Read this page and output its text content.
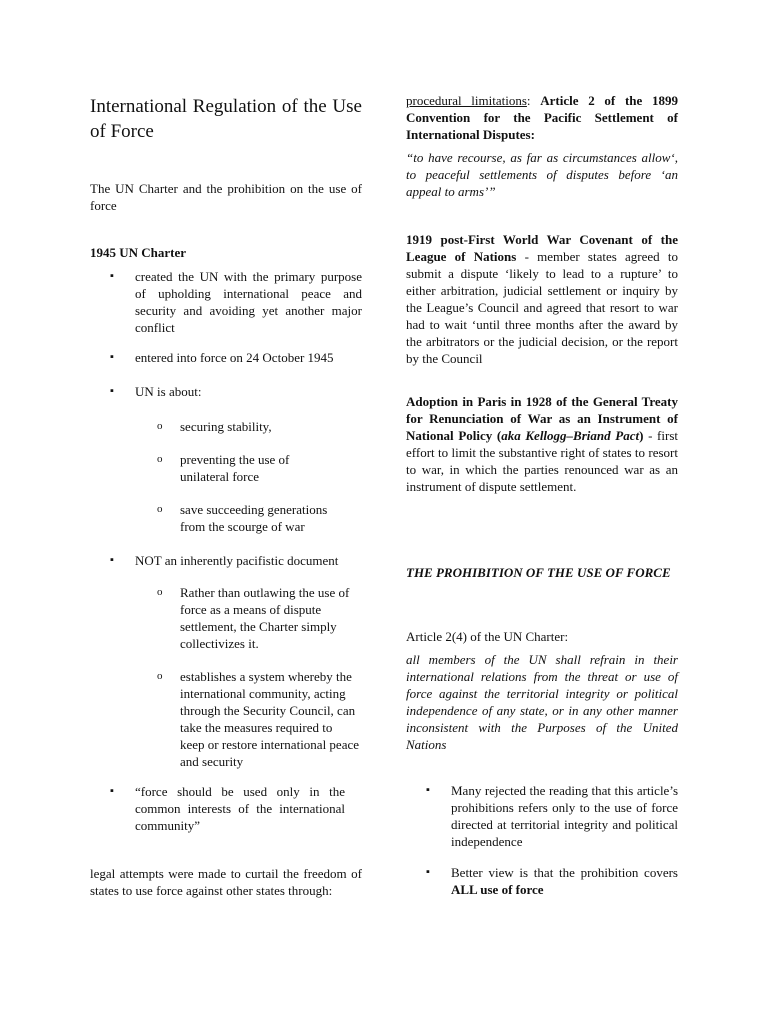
International Regulation of the Use of Force

The UN Charter and the prohibition on the use of force

1945 UN Charter

▪ created the UN with the primary purpose of upholding international peace and security and avoiding yet another major conflict
▪ entered into force on 24 October 1945
▪ UN is about:
o securing stability,
o preventing the use of unilateral force
o save succeeding generations from the scourge of war
▪ NOT an inherently pacifistic document
o Rather than outlawing the use of force as a means of dispute settlement, the Charter simply collectivizes it.
o establishes a system whereby the international community, acting through the Security Council, can take the measures required to keep or restore international peace and security
▪ “force should be used only in the common interests of the international community”

legal attempts were made to curtail the freedom of states to use force against other states through:

procedural limitations: Article 2 of the 1899 Convention for the Pacific Settlement of International Disputes:

“to have recourse, as far as circumstances allow‘, to peaceful settlements of disputes before ‘an appeal to arms’”

1919 post-First World War Covenant of the League of Nations - member states agreed to submit a dispute ‘likely to lead to a rupture’ to either arbitration, judicial settlement or inquiry by the League’s Council and agreed that resort to war had to wait ‘until three months after the award by the arbitrators or the judicial decision, or the report by the Council

Adoption in Paris in 1928 of the General Treaty for Renunciation of War as an Instrument of National Policy (aka Kellogg–Briand Pact) - first effort to limit the substantive right of states to resort to war, in which the parties renounced war as an instrument of dispute settlement.

THE PROHIBITION OF THE USE OF FORCE

Article 2(4) of the UN Charter:

all members of the UN shall refrain in their international relations from the threat or use of force against the territorial integrity or political independence of any state, or in any other manner inconsistent with the Purposes of the United Nations

▪ Many rejected the reading that this article’s prohibitions refers only to the use of force directed at territorial integrity and political independence
▪ Better view is that the prohibition covers ALL use of force
